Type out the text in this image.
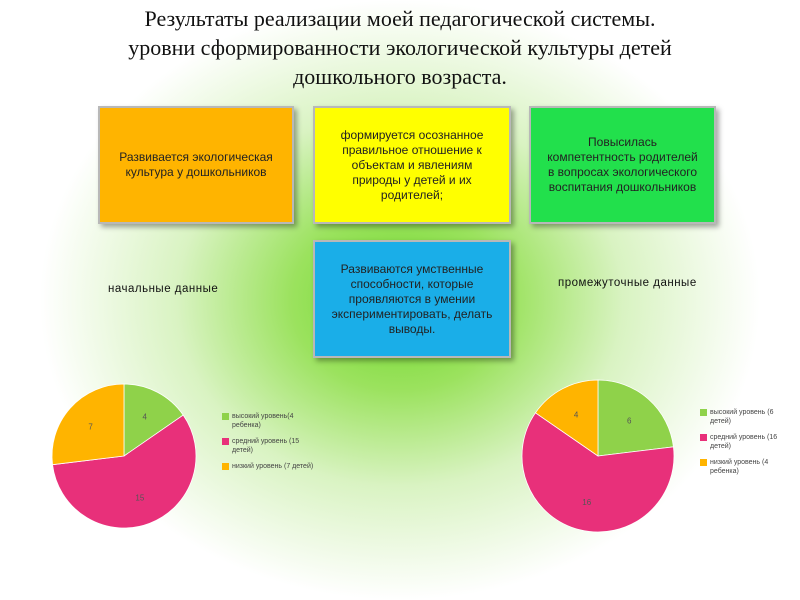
Результаты реализации моей педагогической системы.
уровни сформированности экологической культуры детей
дошкольного возраста.
Развивается экологическая культура у дошкольников
формируется осознанное правильное отношение к объектам и явлениям природы у детей и их родителей;
Повысилась компетентность родителей в вопросах экологического воспитания дошкольников
Развиваются умственные способности, которые проявляются в умении экспериментировать, делать выводы.
начальные данные	промежуточные данные
4
15
7
высокий уровень(4 ребенка)
средний уровень (15 детей)
низкий уровень (7 детей)
6
16
4	высокий уровень (6 детей)
средний уровень (16 детей)
низкий уровень (4 ребенка)
